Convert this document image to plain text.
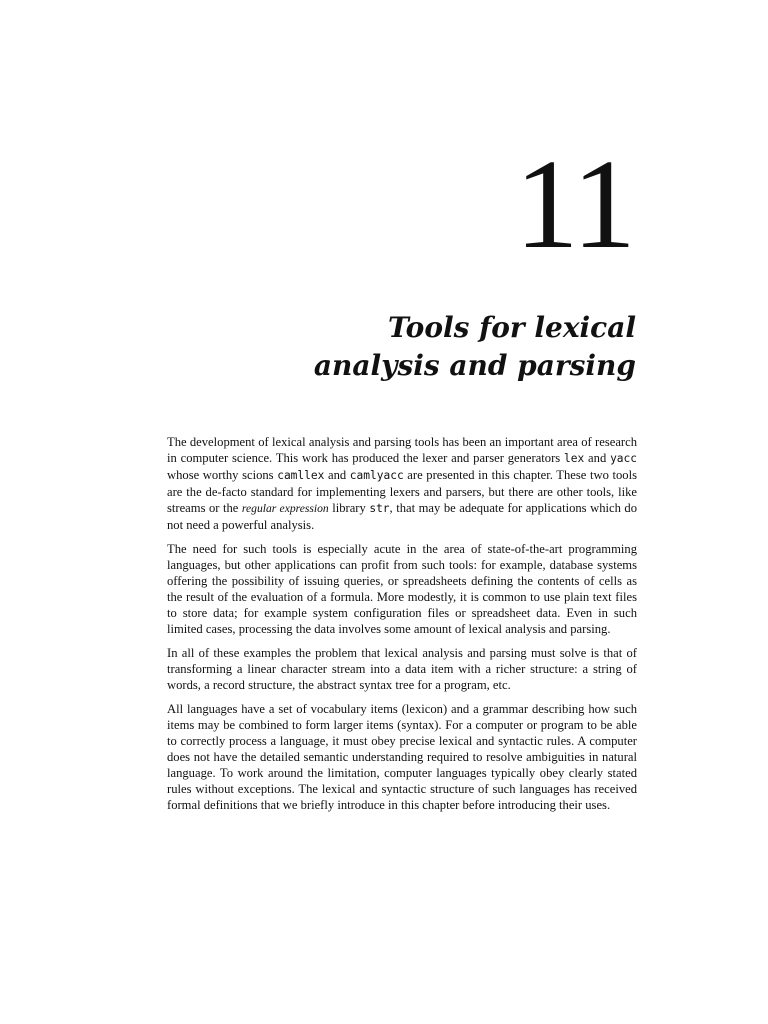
11
Tools for lexical
analysis and parsing

The development of lexical analysis and parsing tools has been an important area of research in computer science. This work has produced the lexer and parser generators lex and yacc whose worthy scions camllex and camlyacc are presented in this chapter. These two tools are the de-facto standard for implementing lexers and parsers, but there are other tools, like streams or the regular expression library str, that may be adequate for applications which do not need a powerful analysis.

The need for such tools is especially acute in the area of state-of-the-art programming languages, but other applications can profit from such tools: for example, database systems offering the possibility of issuing queries, or spreadsheets defining the contents of cells as the result of the evaluation of a formula. More modestly, it is common to use plain text files to store data; for example system configuration files or spreadsheet data. Even in such limited cases, processing the data involves some amount of lexical analysis and parsing.

In all of these examples the problem that lexical analysis and parsing must solve is that of transforming a linear character stream into a data item with a richer structure: a string of words, a record structure, the abstract syntax tree for a program, etc.

All languages have a set of vocabulary items (lexicon) and a grammar describing how such items may be combined to form larger items (syntax). For a computer or program to be able to correctly process a language, it must obey precise lexical and syntactic rules. A computer does not have the detailed semantic understanding required to resolve ambiguities in natural language. To work around the limitation, computer languages typically obey clearly stated rules without exceptions. The lexical and syntactic structure of such languages has received formal definitions that we briefly introduce in this chapter before introducing their uses.
